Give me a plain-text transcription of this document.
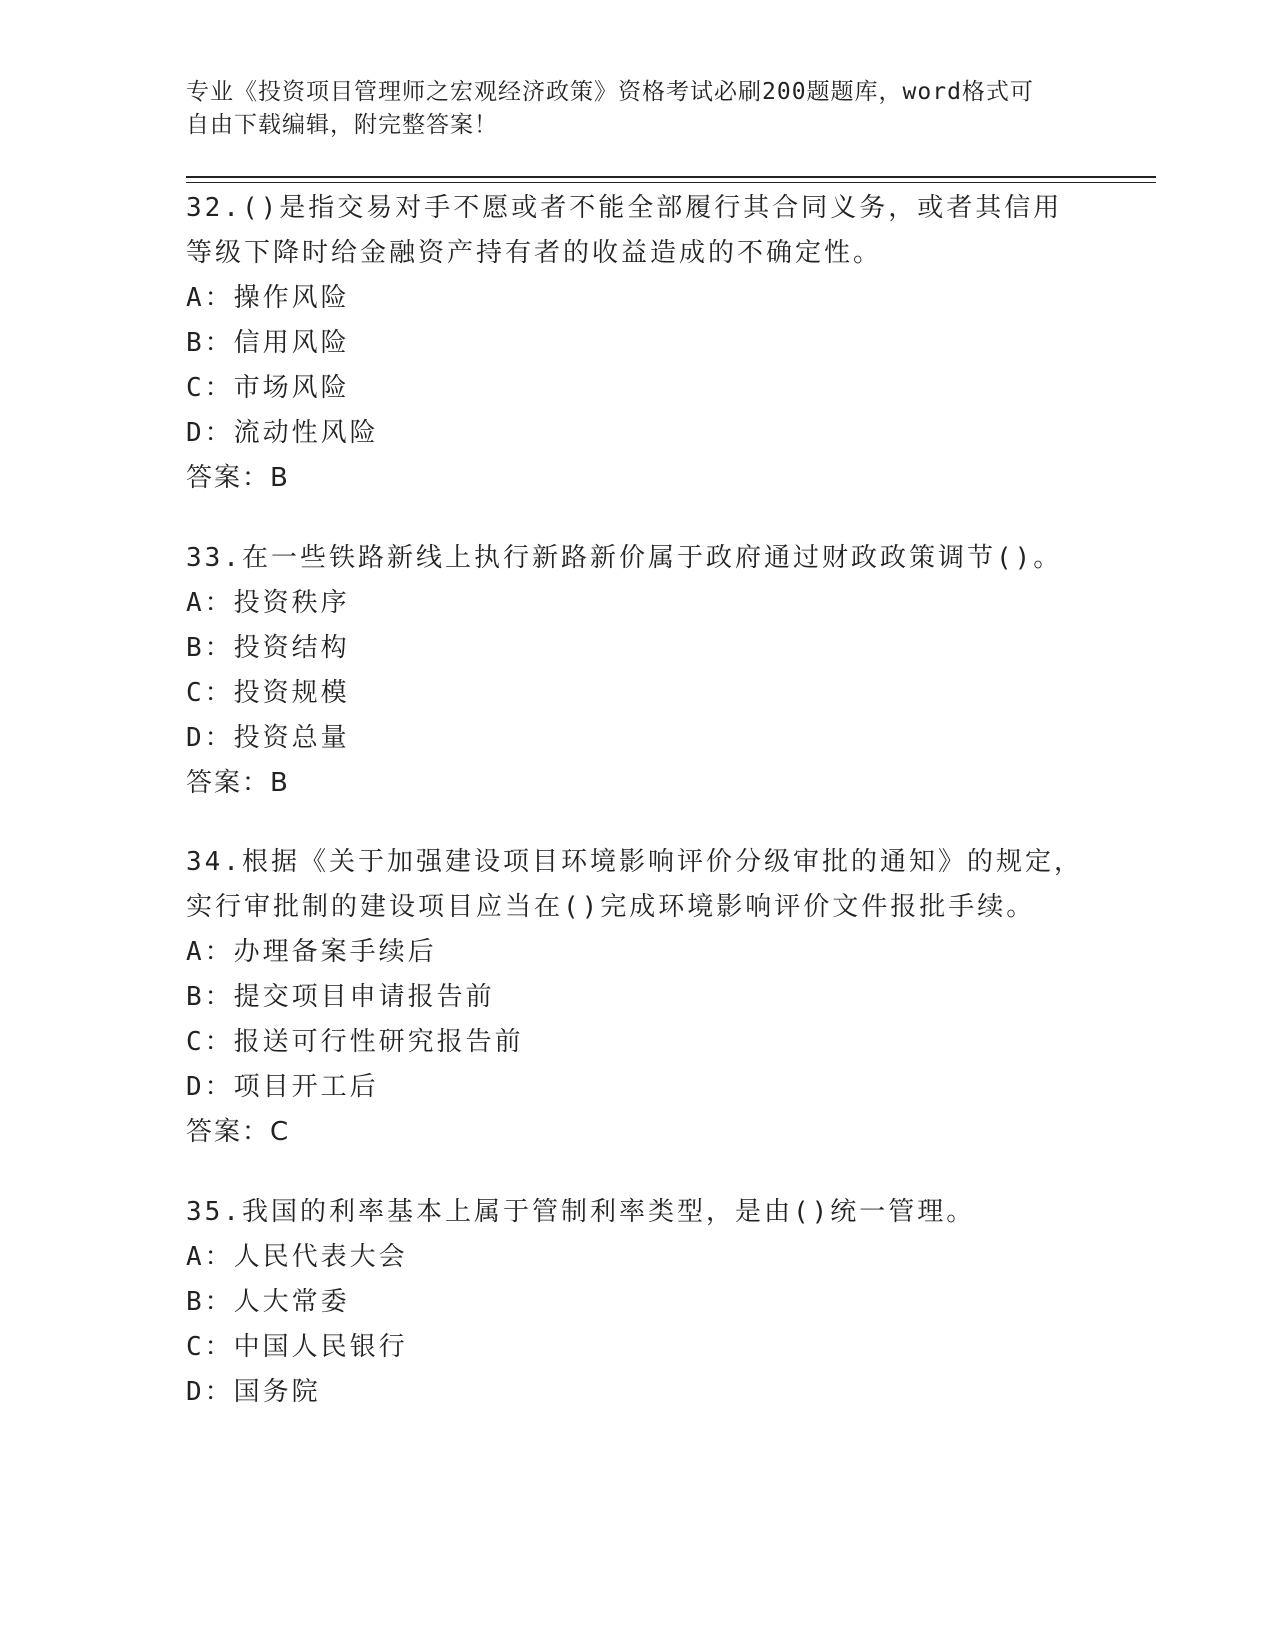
专业《投资项目管理师之宏观经济政策》资格考试必刷200题题库，word格式可
自由下载编辑，附完整答案！
32.()是指交易对手不愿或者不能全部履行其合同义务，或者其信用等级下降时给金融资产持有者的收益造成的不确定性。
A：操作风险
B：信用风险
C：市场风险
D：流动性风险
答案：B
33.在一些铁路新线上执行新路新价属于政府通过财政政策调节()。
A：投资秩序
B：投资结构
C：投资规模
D：投资总量
答案：B
34.根据《关于加强建设项目环境影响评价分级审批的通知》的规定，实行审批制的建设项目应当在()完成环境影响评价文件报批手续。
A：办理备案手续后
B：提交项目申请报告前
C：报送可行性研究报告前
D：项目开工后
答案：C
35.我国的利率基本上属于管制利率类型，是由()统一管理。
A：人民代表大会
B：人大常委
C：中国人民银行
D：国务院
